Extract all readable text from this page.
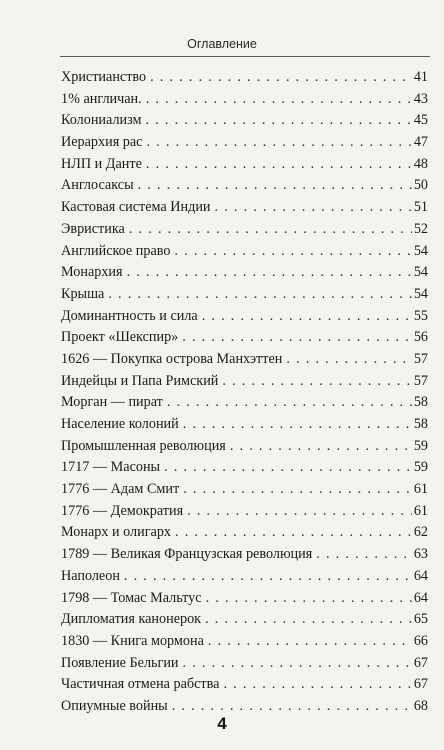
Оглавление
Христианство . . .	41
1% англичан. . . .	43
Колониализм . . .	45
Иерархия рас . . .	47
НЛП и Данте . . .	48
Англосаксы . . .	50
Кастовая система Индии . . .	51
Эвристика . . .	52
Английское право . . .	54
Монархия . . .	54
Крыша . . .	54
Доминантность и сила . . .	55
Проект «Шекспир» . . .	56
1626 — Покупка острова Манхэттен . . .	57
Индейцы и Папа Римский . . .	57
Морган — пират . . .	58
Население колоний . . .	58
Промышленная революция . . .	59
1717 — Масоны . . .	59
1776 — Адам Смит . . .	61
1776 — Демократия . . .	61
Монарх и олигарх . . .	62
1789 — Великая Французская революция . . .	63
Наполеон . . .	64
1798 — Томас Мальтус . . .	64
Дипломатия канонерок . . .	65
1830 — Книга мормона . . .	66
Появление Бельгии . . .	67
Частичная отмена рабства . . .	67
Опиумные войны . . .	68
4
